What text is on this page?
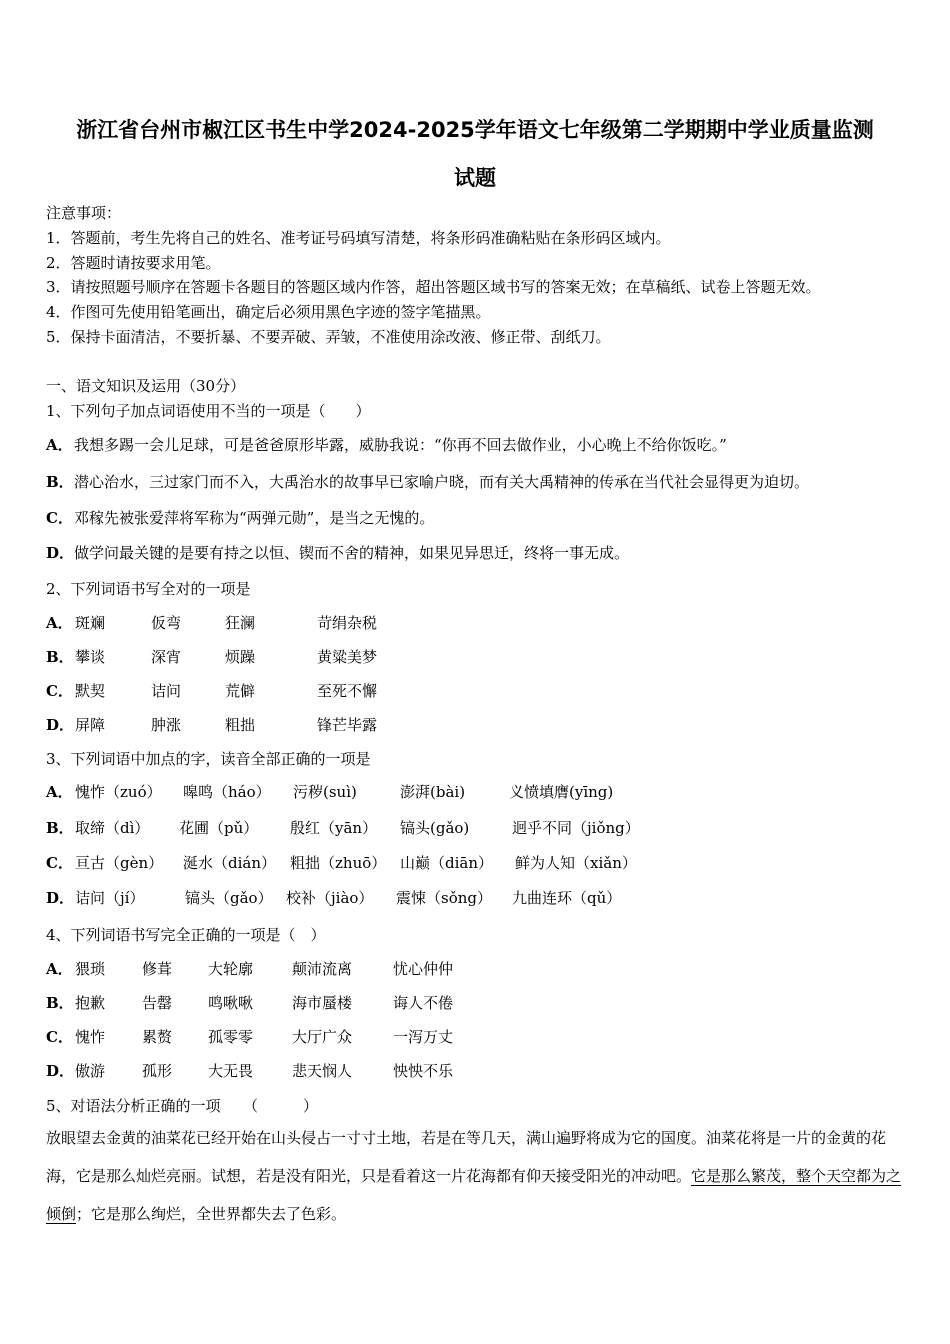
浙江省台州市椒江区书生中学2024-2025学年语文七年级第二学期期中学业质量监测
试题
注意事项：
1．答题前，考生先将自己的姓名、准考证号码填写清楚，将条形码准确粘贴在条形码区域内。
2．答题时请按要求用笔。
3．请按照题号顺序在答题卡各题目的答题区域内作答，超出答题区域书写的答案无效；在草稿纸、试卷上答题无效。
4．作图可先使用铅笔画出，确定后必须用黑色字迹的签字笔描黑。
5．保持卡面清洁，不要折暴、不要弄破、弄皱，不准使用涂改液、修正带、刮纸刀。
一、语文知识及运用（30分）
1、下列句子加点词语使用不当的一项是（　　）
A．我想多踢一会儿足球，可是爸爸原形毕露，威胁我说：“你再不回去做作业，小心晚上不给你饭吃。”
B．潜心治水，三过家门而不入，大禹治水的故事早已家喻户晓，而有关大禹精神的传承在当代社会显得更为迫切。
C．邓稼先被张爱萍将军称为“两弹元勋”，是当之无愧的。
D．做学问最关键的是要有持之以恒、锲而不舍的精神，如果见异思迁，终将一事无成。
2、下列词语书写全对的一项是
A． 斑斓	仮弯	狂澜	苛绢杂税
B． 攀谈	深宵	烦躁	黄粱美梦
C． 默契	诘问	荒僻	至死不懈
D． 屏障	肿涨	粗拙	锋芒毕露
3、下列词语中加点的字，读音全部正确的一项是
A． 愧怍（zuó） 嗥鸣（háo） 污秽(suì)	澎湃(bài)	义愤填膺(yīng)
B． 取缔（dì） 花圃（pǔ） 殷红（yān） 镐头(gǎo)	迥乎不同（jiǒng）
C． 亘古（gèn） 涎水（dián） 粗拙（zhuō） 山巅（diān） 鲜为人知（xiǎn）
D． 诘问（jí）	镐头（gǎo） 校补（jiào） 震悚（sǒng） 九曲连环（qǔ）
4、下列词语书写完全正确的一项是（　）
A． 猥琐 修葺 大轮廓	颠沛流离	忧心仲仲
B． 抱歉 告罄 鸣啾啾	海市蜃楼	诲人不倦
C． 愧怍 累赘 孤零零	大厅广众	一泻万丈
D． 傲游 孤形 大无畏	悲天悯人	怏怏不乐
5、对语法分析正确的一项　　（　　　）
放眼望去金黄的油菜花已经开始在山头侵占一寸寸土地，若是在等几天，满山遍野将成为它的国度。油菜花将是一片的金黄的花海，它是那么灿烂亮丽。试想，若是没有阳光，只是看着这一片花海都有仰天接受阳光的冲动吧。它是那么繁茂，整个天空都为之倾倒；它是那么绚烂，全世界都失去了色彩。
